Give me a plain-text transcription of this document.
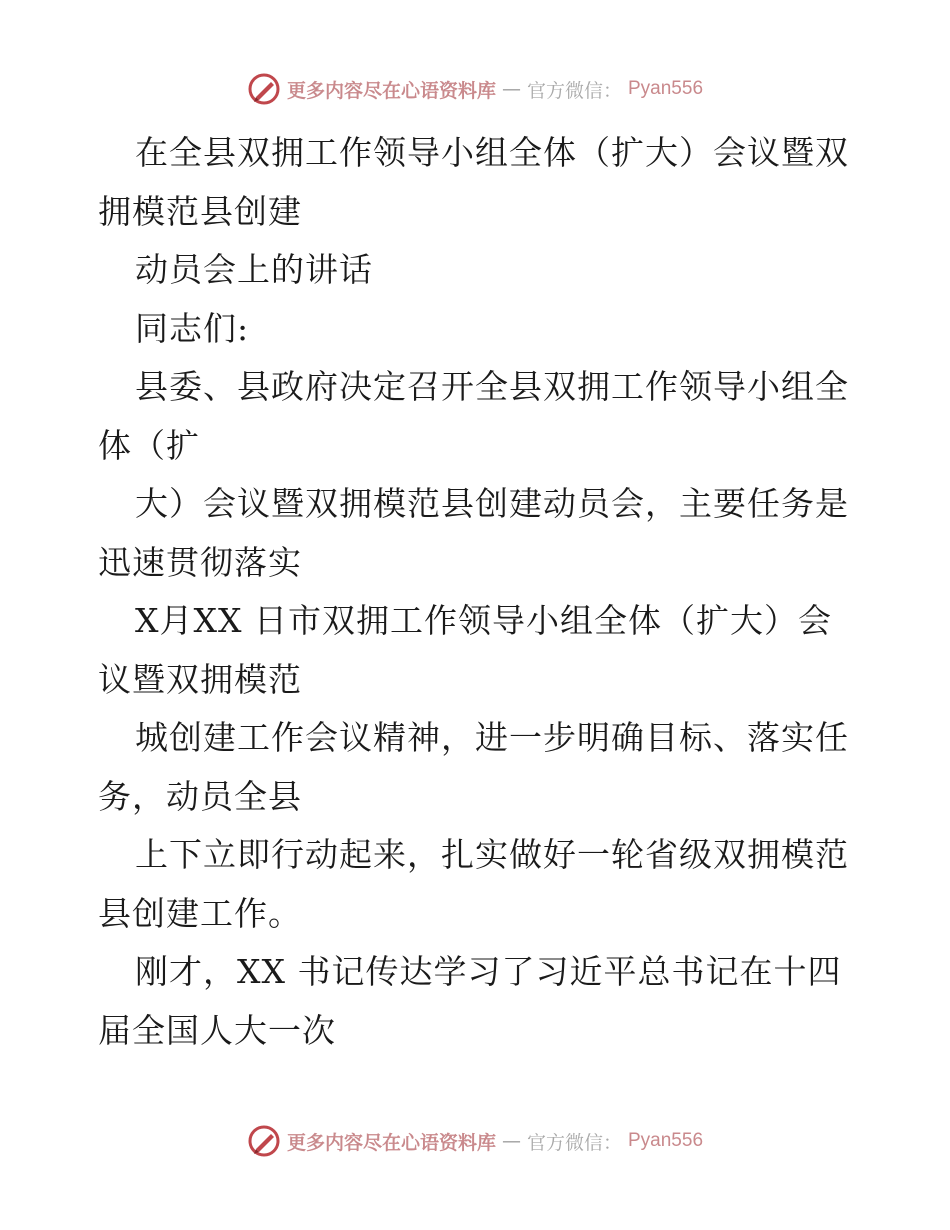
更多内容尽在心语资料库 — 官方微信： Pyan556
在全县双拥工作领导小组全体（扩大）会议暨双
拥模范县创建
动员会上的讲话
同志们:
县委、县政府决定召开全县双拥工作领导小组全
体（扩
大）会议暨双拥模范县创建动员会，主要任务是
迅速贯彻落实
X月XX 日市双拥工作领导小组全体（扩大）会
议暨双拥模范
城创建工作会议精神，进一步明确目标、落实任
务，动员全县
上下立即行动起来，扎实做好一轮省级双拥模范
县创建工作。
刚才，XX 书记传达学习了习近平总书记在十四
届全国人大一次
更多内容尽在心语资料库 — 官方微信： Pyan556
